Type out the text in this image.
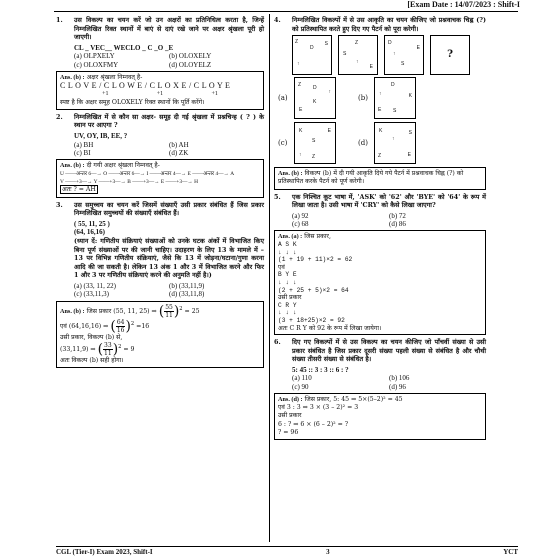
[Exam Date : 14/07/2023 : Shift-I
1.	उस विकल्प का चयन करें जो उन अक्षरों का प्रतिनिधित्व करता है, जिन्हें निम्नलिखित रिक्त स्थानों में बाएं से दाएं रखे जाने पर अक्षर श्रृंखला पूरी हो जाएगी।
CL _ VEC__ WECLO _ C _O _E
(a) OLPXELY	(b) OLOXELY
(c) OLOXFMY	(d) OLOYELZ
Ans. (b) : अक्षर श्रृंखला निम्नवत् है-
C L O V E / C L O W E / C L O X E / C L O Y E
+1	+1	+1
स्पष्ट है कि अक्षर समूह OLOXELY रिक्त स्थानों कि पूर्ति करेंगे।
2.	निम्नलिखित में से कौन सा अक्षर- समूह दी गई श्रृंखला में प्रश्नचिन्ह ( ? ) के स्थान पर आएगा ?
UV, OY, IB, EE, ?
(a) BH	(b) AH
(c) BI	(d) ZK
Ans. (b) : दी गयी अक्षर श्रृंखला निम्नवत् है-
U ——अन्तर 6—→ O ——अन्तर 6—→ I ——अन्तर 4—→ E ——अन्तर 4—→ A
V ——+3—→ Y ——+3—→ B ——+3—→ E ——+3—→ H
अतः ? = AH
3.	उस समुच्चय का चयन करें जिसमें संख्याएँ उसी प्रकार संबंधित हैं जिस प्रकार निम्नलिखित समुच्चयों की संख्याएँ संबंधित हैं।
( 55, 11, 25 )
(64, 16,16)
(ध्यान दें: गणितीय संक्रियाएं संख्याओं को उनके घटक अंकों में विभाजित किए बिना पूर्ण संख्याओं पर की जानी चाहिए। उदाहरण के लिए 13 के मामले में – 13 पर विभिन्न गणितीय संक्रियाएं, जैसे कि 13 में जोड़ना/घटाना/गुणा करना आदि की जा सकती है। लेकिन 13 अंक 1 और 3 में विभाजित करने और फिर 1 और 3 पर गणितीय संक्रियाएं करने की अनुमति नहीं है।)
(a) (33, 11, 22)	(b) (33,11,9)
(c) (33,11,3)	(d) (33,11,8)
Ans. (b) : जिस प्रकार (55, 11, 25) ⇒ ( $\frac{55}{11} )^2 = 25$
एवं (64,16,16) ⇒ ( $\frac{64}{16} )^2 =16$
उसी प्रकार, विकल्प (b) से,
(33,11,9) ⇒ ( $\frac{33}{11} )^2 = 9$
अतः विकल्प (b) सही होगा।
4.	निम्नलिखित विकल्पों में से उस आकृति का चयन कीजिए जो प्रश्नवाचक चिह्न (?) को प्रतिस्थापित करते हुए दिए गए पैटर्न को पूरा करेगी।
Z
D
S
↑
Z
S
E
↑
E
D
S
↑	?
(a)
Z D
↑
E
K	(b)
D
↑	K
S
E
(c)
K	E
S
↑ Z
(d)
K
↑
S
Z	E
Ans. (b) : विकल्प (b) में दी गयी आकृति दिये गये पैटर्न में प्रश्नवाचक चिह्न (?) को प्रतिस्थापित करके पैटर्न को पूर्ण करेगी।
5.	एक निश्चित कूट भाषा में, 'ASK' को '62' और 'BYE' को '64' के रूप में लिखा जाता है। उसी भाषा में 'CRY' को कैसे लिखा जाएगा?
(a) 92	(b) 72
(c) 68	(d) 86
Ans. (a) : जिस प्रकार,
A S K
↓ ↓ ↓
(1 + 19 + 11)×2 = 62
एवं
B Y E
↓ ↓ ↓
(2 + 25 + 5)×2 = 64
उसी प्रकार
C R Y
↓ ↓ ↓
(3 + 18+25)×2 = 92
अतः C R Y को 92 के रूप में लिखा जायेगा।
6.	दिए गए विकल्पों में से उस विकल्प का चयन कीजिए जो पाँचवीं संख्या से उसी प्रकार संबंधित है जिस प्रकार दूसरी संख्या पहली संख्या से संबंधित है और चौथी संख्या तीसरी संख्या से संबंधित है।
5: 45 :: 3 : 3 :: 6 : ?
(a) 110	(b) 106
(c) 90	(d) 96
Ans. (d) : जिस प्रकार, 5: 45 ⇒ 5×(5–2)² = 45
एवं 3 : 3 ⇒ 3 × (3 – 2)² = 3
उसी प्रकार
6 : ? ⇒ 6 × (6 – 2)² = ?
? = 96
CGL (Tier-I) Exam 2023, Shift-I	3	YCT
